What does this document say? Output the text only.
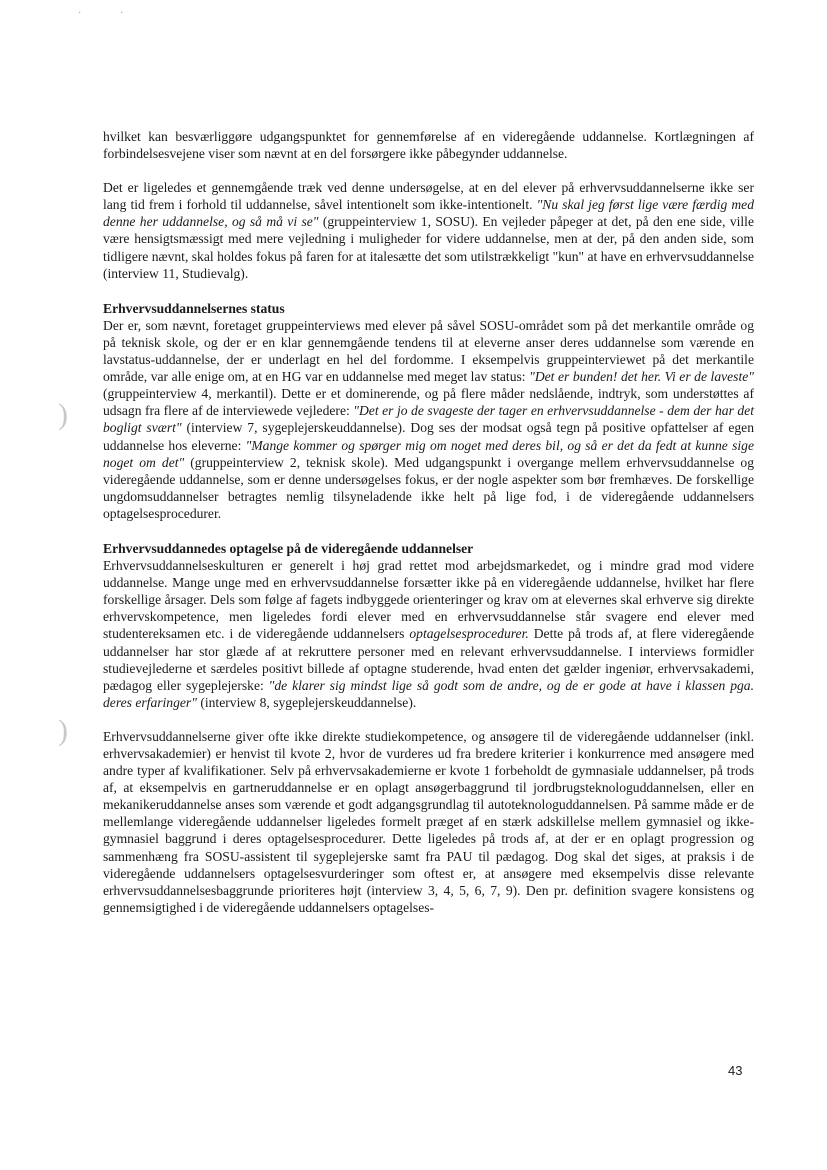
·	·
)
)

hvilket kan besværliggøre udgangspunktet for gennemførelse af en videregående uddannelse. Kortlægningen af forbindelsesvejene viser som nævnt at en del forsørgere ikke påbegynder uddannelse.

Det er ligeledes et gennemgående træk ved denne undersøgelse, at en del elever på erhvervsuddannelserne ikke ser lang tid frem i forhold til uddannelse, såvel intentionelt som ikke-intentionelt. "Nu skal jeg først lige være færdig med denne her uddannelse, og så må vi se" (gruppeinterview 1, SOSU). En vejleder påpeger at det, på den ene side, ville være hensigtsmæssigt med mere vejledning i muligheder for videre uddannelse, men at der, på den anden side, som tidligere nævnt, skal holdes fokus på faren for at italesætte det som utilstrækkeligt "kun" at have en erhvervsuddannelse (interview 11, Studievalg).

Erhvervsuddannelsernes status

Der er, som nævnt, foretaget gruppeinterviews med elever på såvel SOSU-området som på det merkantile område og på teknisk skole, og der er en klar gennemgående tendens til at eleverne anser deres uddannelse som værende en lavstatus-uddannelse, der er underlagt en hel del fordomme. I eksempelvis gruppeinterviewet på det merkantile område, var alle enige om, at en HG var en uddannelse med meget lav status: "Det er bunden! det her. Vi er de laveste" (gruppeinterview 4, merkantil). Dette er et dominerende, og på flere måder nedslående, indtryk, som understøttes af udsagn fra flere af de interviewede vejledere: "Det er jo de svageste der tager en erhvervsuddannelse - dem der har det bogligt svært" (interview 7, sygeplejerskeuddannelse). Dog ses der modsat også tegn på positive opfattelser af egen uddannelse hos eleverne: "Mange kommer og spørger mig om noget med deres bil, og så er det da fedt at kunne sige noget om det" (gruppeinterview 2, teknisk skole). Med udgangspunkt i overgange mellem erhvervsuddannelse og videregående uddannelse, som er denne undersøgelses fokus, er der nogle aspekter som bør fremhæves. De forskellige ungdomsuddannelser betragtes nemlig tilsyneladende ikke helt på lige fod, i de videregående uddannelsers optagelsesprocedurer.

Erhvervsuddannedes optagelse på de videregående uddannelser

Erhvervsuddannelseskulturen er generelt i høj grad rettet mod arbejdsmarkedet, og i mindre grad mod videre uddannelse. Mange unge med en erhvervsuddannelse forsætter ikke på en videregående uddannelse, hvilket har flere forskellige årsager. Dels som følge af fagets indbyggede orienteringer og krav om at elevernes skal erhverve sig direkte erhvervskompetence, men ligeledes fordi elever med en erhvervsuddannelse står svagere end elever med studentereksamen etc. i de videregående uddannelsers optagelsesprocedurer. Dette på trods af, at flere videregående uddannelser har stor glæde af at rekruttere personer med en relevant erhvervsuddannelse. I interviews formidler studievejlederne et særdeles positivt billede af optagne studerende, hvad enten det gælder ingeniør, erhvervsakademi, pædagog eller sygeplejerske: "de klarer sig mindst lige så godt som de andre, og de er gode at have i klassen pga. deres erfaringer" (interview 8, sygeplejerskeuddannelse).

Erhvervsuddannelserne giver ofte ikke direkte studiekompetence, og ansøgere til de videregående uddannelser (inkl. erhvervsakademier) er henvist til kvote 2, hvor de vurderes ud fra bredere kriterier i konkurrence med ansøgere med andre typer af kvalifikationer. Selv på erhvervsakademierne er kvote 1 forbeholdt de gymnasiale uddannelser, på trods af, at eksempelvis en gartneruddannelse er en oplagt ansøgerbaggrund til jordbrugsteknologuddannelsen, eller en mekanikeruddannelse anses som værende et godt adgangsgrundlag til autoteknologuddannelsen. På samme måde er de mellemlange videregående uddannelser ligeledes formelt præget af en stærk adskillelse mellem gymnasiel og ikke-gymnasiel baggrund i deres optagelsesprocedurer. Dette ligeledes på trods af, at der er en oplagt progression og sammenhæng fra SOSU-assistent til sygeplejerske samt fra PAU til pædagog. Dog skal det siges, at praksis i de videregående uddannelsers optagelsesvurderinger som oftest er, at ansøgere med eksempelvis disse relevante erhvervsuddannelsesbaggrunde prioriteres højt (interview 3, 4, 5, 6, 7, 9). Den pr. definition svagere konsistens og gennemsigtighed i de videregående uddannelsers optagelses-

43
